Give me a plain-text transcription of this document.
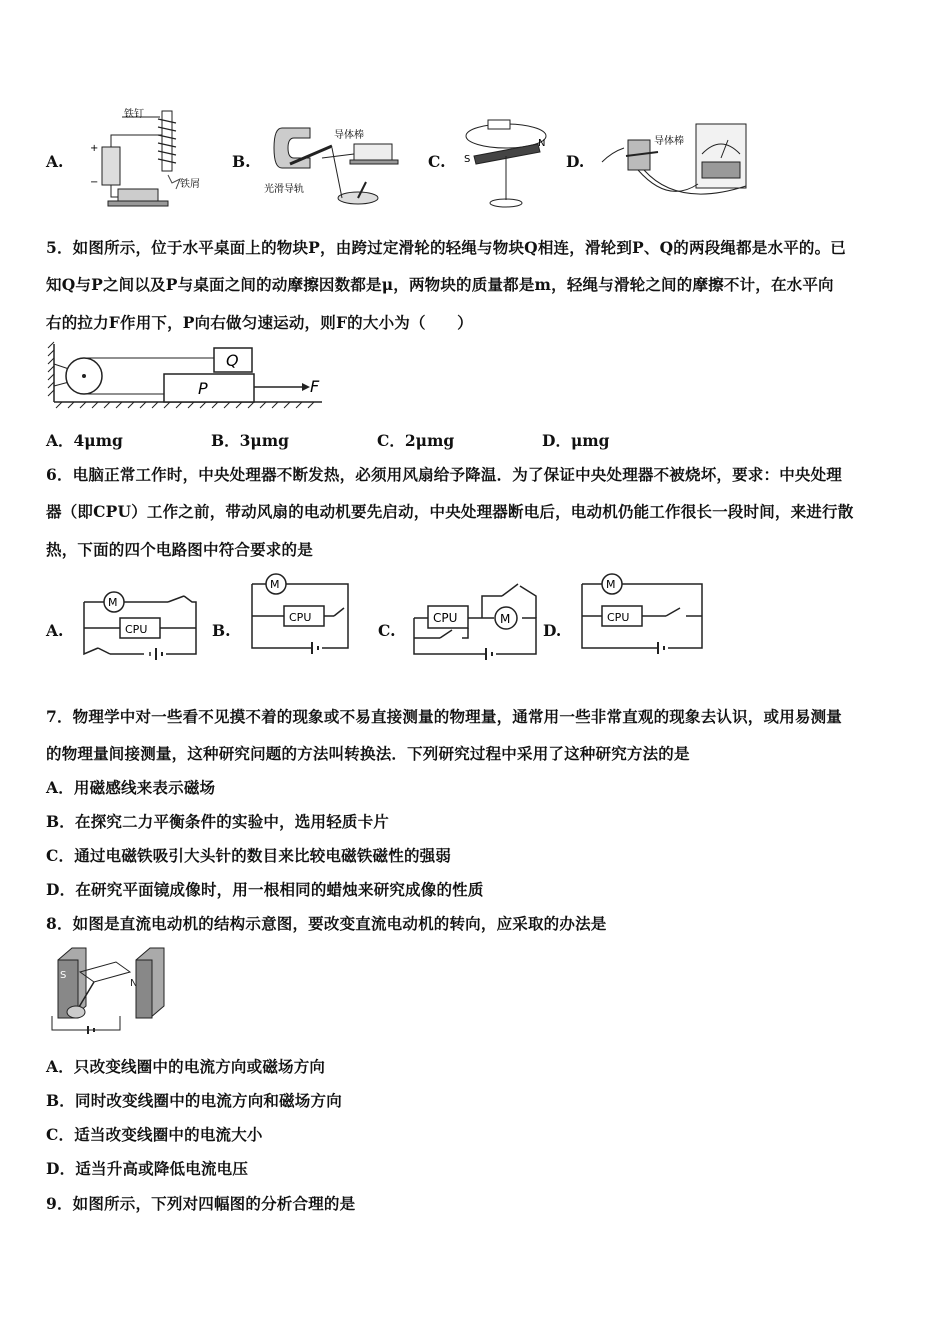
A.
铁钉
+
−	铁屑
B.
导体棒
光滑导轨
C. S
N
D.
导体棒
5．如图所示，位于水平桌面上的物块P，由跨过定滑轮的轻绳与物块Q相连，滑轮到P、Q的两段绳都是水平的。已
知Q与P之间以及P与桌面之间的动摩擦因数都是μ，两物块的质量都是m，轻绳与滑轮之间的摩擦不计，在水平向
右的拉力F作用下，P向右做匀速运动，则F的大小为（　　）
Q
P	F
A．4μmg	B．3μmg	C．2μmg	D．μmg
6．电脑正常工作时，中央处理器不断发热，必须用风扇给予降温．为了保证中央处理器不被烧坏，要求：中央处理
器（即CPU）工作之前，带动风扇的电动机要先启动，中央处理器断电后，电动机仍能工作很长一段时间，来进行散
热，下面的四个电路图中符合要求的是
A.
M
CPU	B.
M
CPU
C.
CPU	M
D.
M
CPU
7．物理学中对一些看不见摸不着的现象或不易直接测量的物理量，通常用一些非常直观的现象去认识，或用易测量
的物理量间接测量，这种研究问题的方法叫转换法．下列研究过程中采用了这种研究方法的是
A．用磁感线来表示磁场
B．在探究二力平衡条件的实验中，选用轻质卡片
C．通过电磁铁吸引大头针的数目来比较电磁铁磁性的强弱
D．在研究平面镜成像时，用一根相同的蜡烛来研究成像的性质
8．如图是直流电动机的结构示意图，要改变直流电动机的转向，应采取的办法是
S
N
A．只改变线圈中的电流方向或磁场方向
B．同时改变线圈中的电流方向和磁场方向
C．适当改变线圈中的电流大小
D．适当升高或降低电流电压
9．如图所示，下列对四幅图的分析合理的是
